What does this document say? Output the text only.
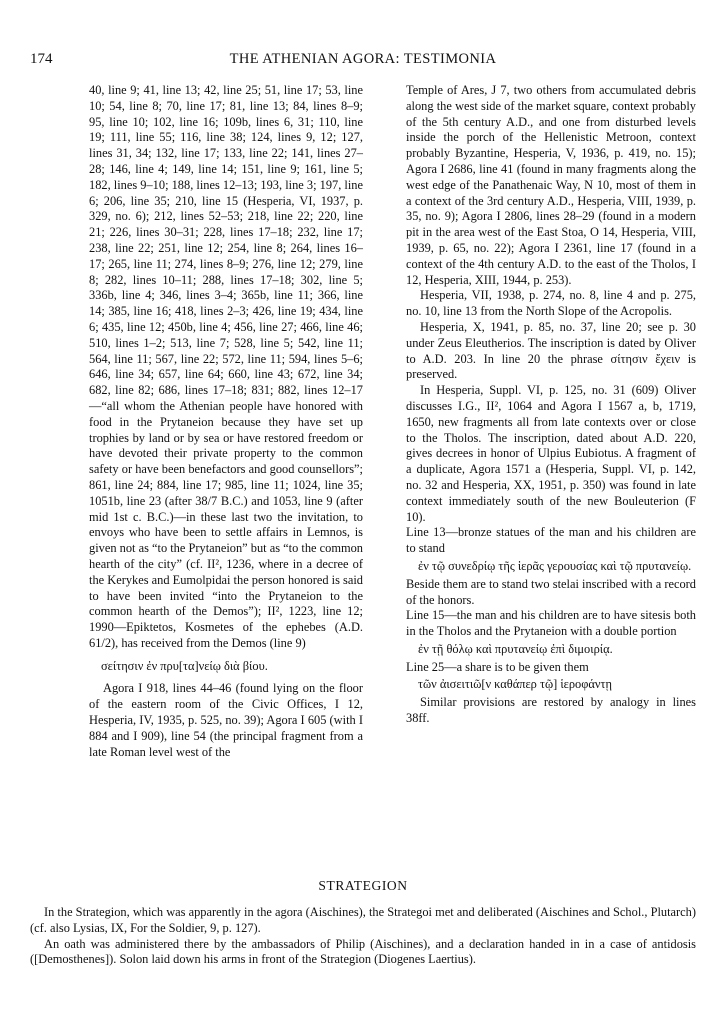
174	THE ATHENIAN AGORA: TESTIMONIA

40, line 9; 41, line 13; 42, line 25; 51, line 17; 53, line 10; 54, line 8; 70, line 17; 81, line 13; 84, lines 8–9; 95, line 10; 102, line 16; 109b, lines 6, 31; 110, line 19; 111, line 55; 116, line 38; 124, lines 9, 12; 127, lines 31, 34; 132, line 17; 133, line 22; 141, lines 27–28; 146, line 4; 149, line 14; 151, line 9; 161, line 5; 182, lines 9–10; 188, lines 12–13; 193, line 3; 197, line 6; 206, line 35; 210, line 15 (Hesperia, VI, 1937, p. 329, no. 6); 212, lines 52–53; 218, line 22; 220, line 21; 226, lines 30–31; 228, lines 17–18; 232, line 17; 238, line 22; 251, line 12; 254, line 8; 264, lines 16–17; 265, line 11; 274, lines 8–9; 276, line 12; 279, line 8; 282, lines 10–11; 288, lines 17–18; 302, line 5; 336b, line 4; 346, lines 3–4; 365b, line 11; 366, line 14; 385, line 16; 418, lines 2–3; 426, line 19; 434, line 6; 435, line 12; 450b, line 4; 456, line 27; 466, line 46; 510, lines 1–2; 513, line 7; 528, line 5; 542, line 11; 564, line 11; 567, line 22; 572, line 11; 594, lines 5–6; 646, line 34; 657, line 64; 660, line 43; 672, line 34; 682, line 82; 686, lines 17–18; 831; 882, lines 12–17—“all whom the Athenian people have honored with food in the Prytaneion because they have set up trophies by land or by sea or have restored freedom or have devoted their private property to the common safety or have been benefactors and good counsellors”; 861, line 24; 884, line 17; 985, line 11; 1024, line 35; 1051b, line 23 (after 38/7 B.C.) and 1053, line 9 (after mid 1st c. B.C.)—in these last two the invitation, to envoys who have been to settle affairs in Lemnos, is given not as “to the Prytaneion” but as “to the common hearth of the city” (cf. II², 1236, where in a decree of the Kerykes and Eumolpidai the person honored is said to have been invited “into the Prytaneion to the common hearth of the Demos”); II², 1223, line 12; 1990—Epiktetos, Kosmetes of the ephebes (A.D. 61/2), has received from the Demos (line 9)

σείτησιν ἐν πρυ[τα]νείῳ διὰ βίου.

Agora I 918, lines 44–46 (found lying on the floor of the eastern room of the Civic Offices, I 12, Hesperia, IV, 1935, p. 525, no. 39); Agora I 605 (with I 884 and I 909), line 54 (the principal fragment from a late Roman level west of the

Temple of Ares, J 7, two others from accumulated debris along the west side of the market square, context probably of the 5th century A.D., and one from disturbed levels inside the porch of the Hellenistic Metroon, context probably Byzantine, Hesperia, V, 1936, p. 419, no. 15); Agora I 2686, line 41 (found in many fragments along the west edge of the Panathenaic Way, N 10, most of them in a context of the 3rd century A.D., Hesperia, VIII, 1939, p. 35, no. 9); Agora I 2806, lines 28–29 (found in a modern pit in the area west of the East Stoa, O 14, Hesperia, VIII, 1939, p. 65, no. 22); Agora I 2361, line 17 (found in a context of the 4th century A.D. to the east of the Tholos, I 12, Hesperia, XIII, 1944, p. 253).

Hesperia, VII, 1938, p. 274, no. 8, line 4 and p. 275, no. 10, line 13 from the North Slope of the Acropolis.

Hesperia, X, 1941, p. 85, no. 37, line 20; see p. 30 under Zeus Eleutherios. The inscription is dated by Oliver to A.D. 203. In line 20 the phrase σίτησιν ἔχειν is preserved.

In Hesperia, Suppl. VI, p. 125, no. 31 (609) Oliver discusses I.G., II², 1064 and Agora I 1567 a, b, 1719, 1650, new fragments all from late contexts over or close to the Tholos. The inscription, dated about A.D. 220, gives decrees in honor of Ulpius Eubiotus. A fragment of a duplicate, Agora 1571 a (Hesperia, Suppl. VI, p. 142, no. 32 and Hesperia, XX, 1951, p. 350) was found in late context immediately south of the new Bouleuterion (F 10).

Line 13—bronze statues of the man and his children are to stand

ἐν τῷ συνεδρίῳ τῆς ἱερᾶς γερουσίας καὶ τῷ πρυτανείῳ.

Beside them are to stand two stelai inscribed with a record of the honors.

Line 15—the man and his children are to have sitesis both in the Tholos and the Prytaneion with a double portion

ἐν τῇ θόλῳ καὶ πρυτανείῳ ἐπὶ διμοιρίᾳ.

Line 25—a share is to be given them

τῶν ἀισειτιῶ[ν καθάπερ τῷ] ἱεροφάντῃ

Similar provisions are restored by analogy in lines 38ff.

STRATEGION

In the Strategion, which was apparently in the agora (Aischines), the Strategoi met and deliberated (Aischines and Schol., Plutarch) (cf. also Lysias, IX, For the Soldier, 9, p. 127).

An oath was administered there by the ambassadors of Philip (Aischines), and a declaration handed in in a case of antidosis ([Demosthenes]). Solon laid down his arms in front of the Strategion (Diogenes Laertius).
